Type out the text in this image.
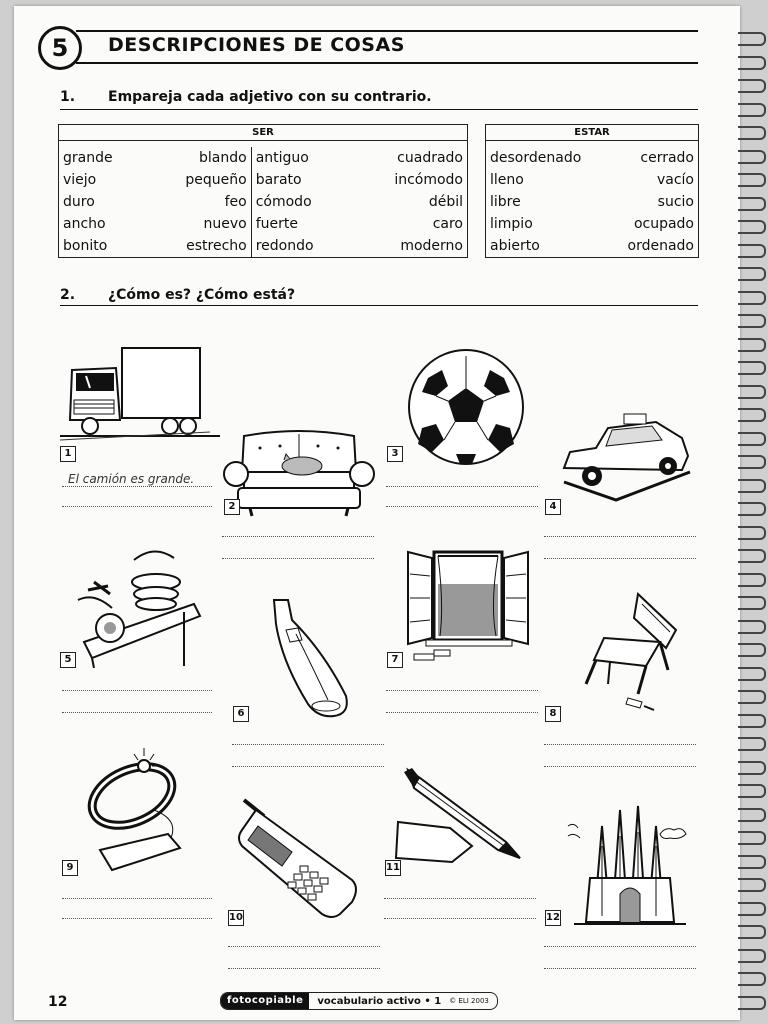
5	DESCRIPCIONES DE COSAS
1. Empareja cada adjetivo con su contrario.
SER			

grande	blando	antiguo	cuadrado
viejo	pequeño	barato	incómodo
duro	feo	cómodo	débil
ancho	nuevo	fuerte	caro
bonito	estrecho	redondo	moderno
ESTAR	

desordenado	cerrado
lleno	vacío
libre	sucio
limpio	ocupado
abierto	ordenado
2. ¿Cómo es? ¿Cómo está?
1
El camión es grande.
2
3
4
5
6
7
8
9
10
11
12
12	fotocopiable	vocabulario activo • 1	© ELI 2003
